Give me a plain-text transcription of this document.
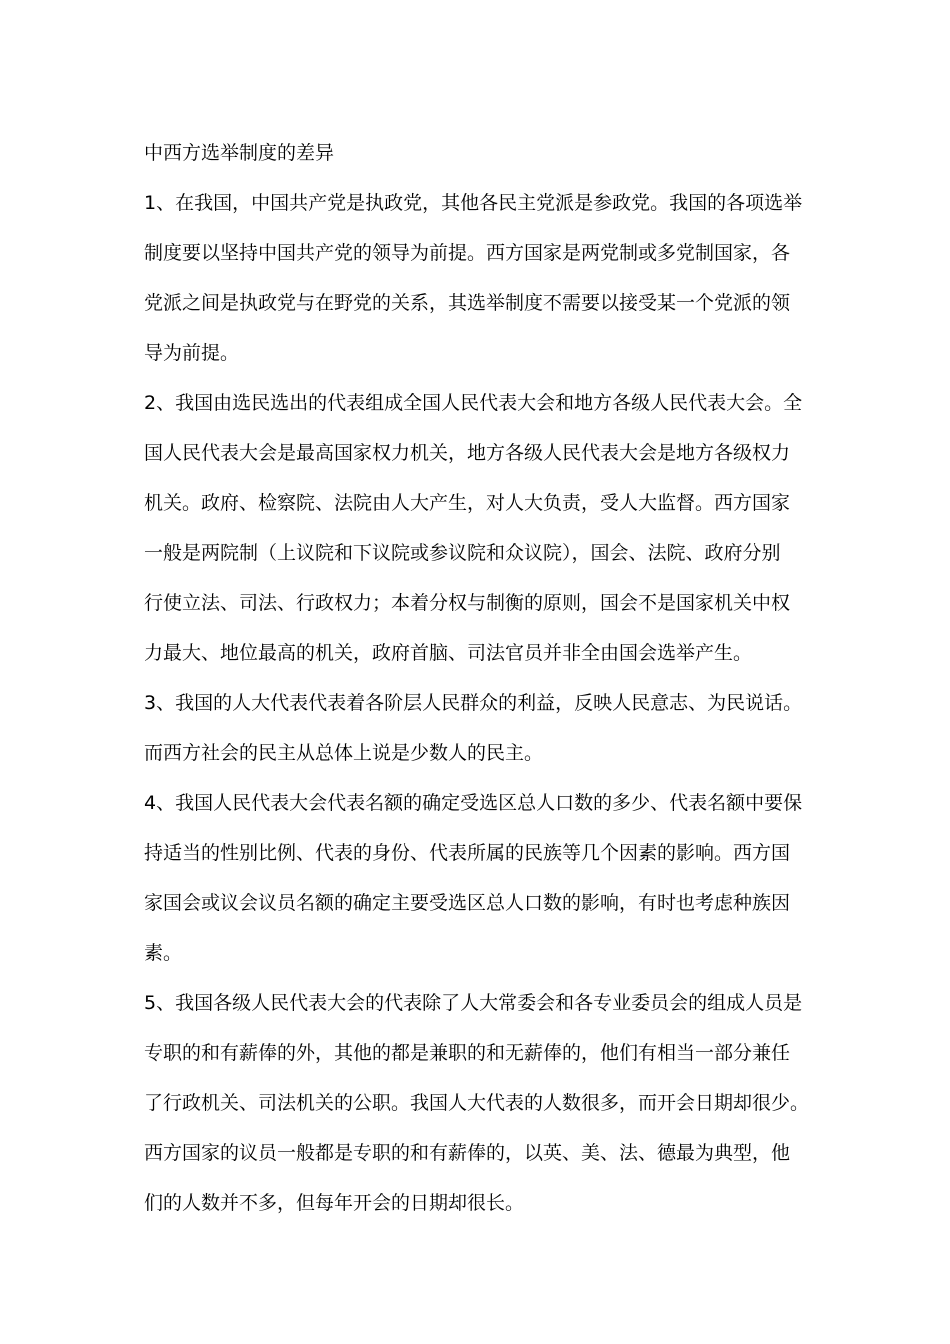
中西方选举制度的差异

1、在我国，中国共产党是执政党，其他各民主党派是参政党。我国的各项选举
制度要以坚持中国共产党的领导为前提。西方国家是两党制或多党制国家，各
党派之间是执政党与在野党的关系，其选举制度不需要以接受某一个党派的领
导为前提。

2、我国由选民选出的代表组成全国人民代表大会和地方各级人民代表大会。全
国人民代表大会是最高国家权力机关，地方各级人民代表大会是地方各级权力
机关。政府、检察院、法院由人大产生，对人大负责，受人大监督。西方国家
一般是两院制（上议院和下议院或参议院和众议院），国会、法院、政府分别
行使立法、司法、行政权力；本着分权与制衡的原则，国会不是国家机关中权
力最大、地位最高的机关，政府首脑、司法官员并非全由国会选举产生。

3、我国的人大代表代表着各阶层人民群众的利益，反映人民意志、为民说话。
而西方社会的民主从总体上说是少数人的民主。

4、我国人民代表大会代表名额的确定受选区总人口数的多少、代表名额中要保
持适当的性别比例、代表的身份、代表所属的民族等几个因素的影响。西方国
家国会或议会议员名额的确定主要受选区总人口数的影响，有时也考虑种族因
素。

5、我国各级人民代表大会的代表除了人大常委会和各专业委员会的组成人员是
专职的和有薪俸的外，其他的都是兼职的和无薪俸的，他们有相当一部分兼任
了行政机关、司法机关的公职。我国人大代表的人数很多，而开会日期却很少。
西方国家的议员一般都是专职的和有薪俸的，以英、美、法、德最为典型，他
们的人数并不多，但每年开会的日期却很长。
